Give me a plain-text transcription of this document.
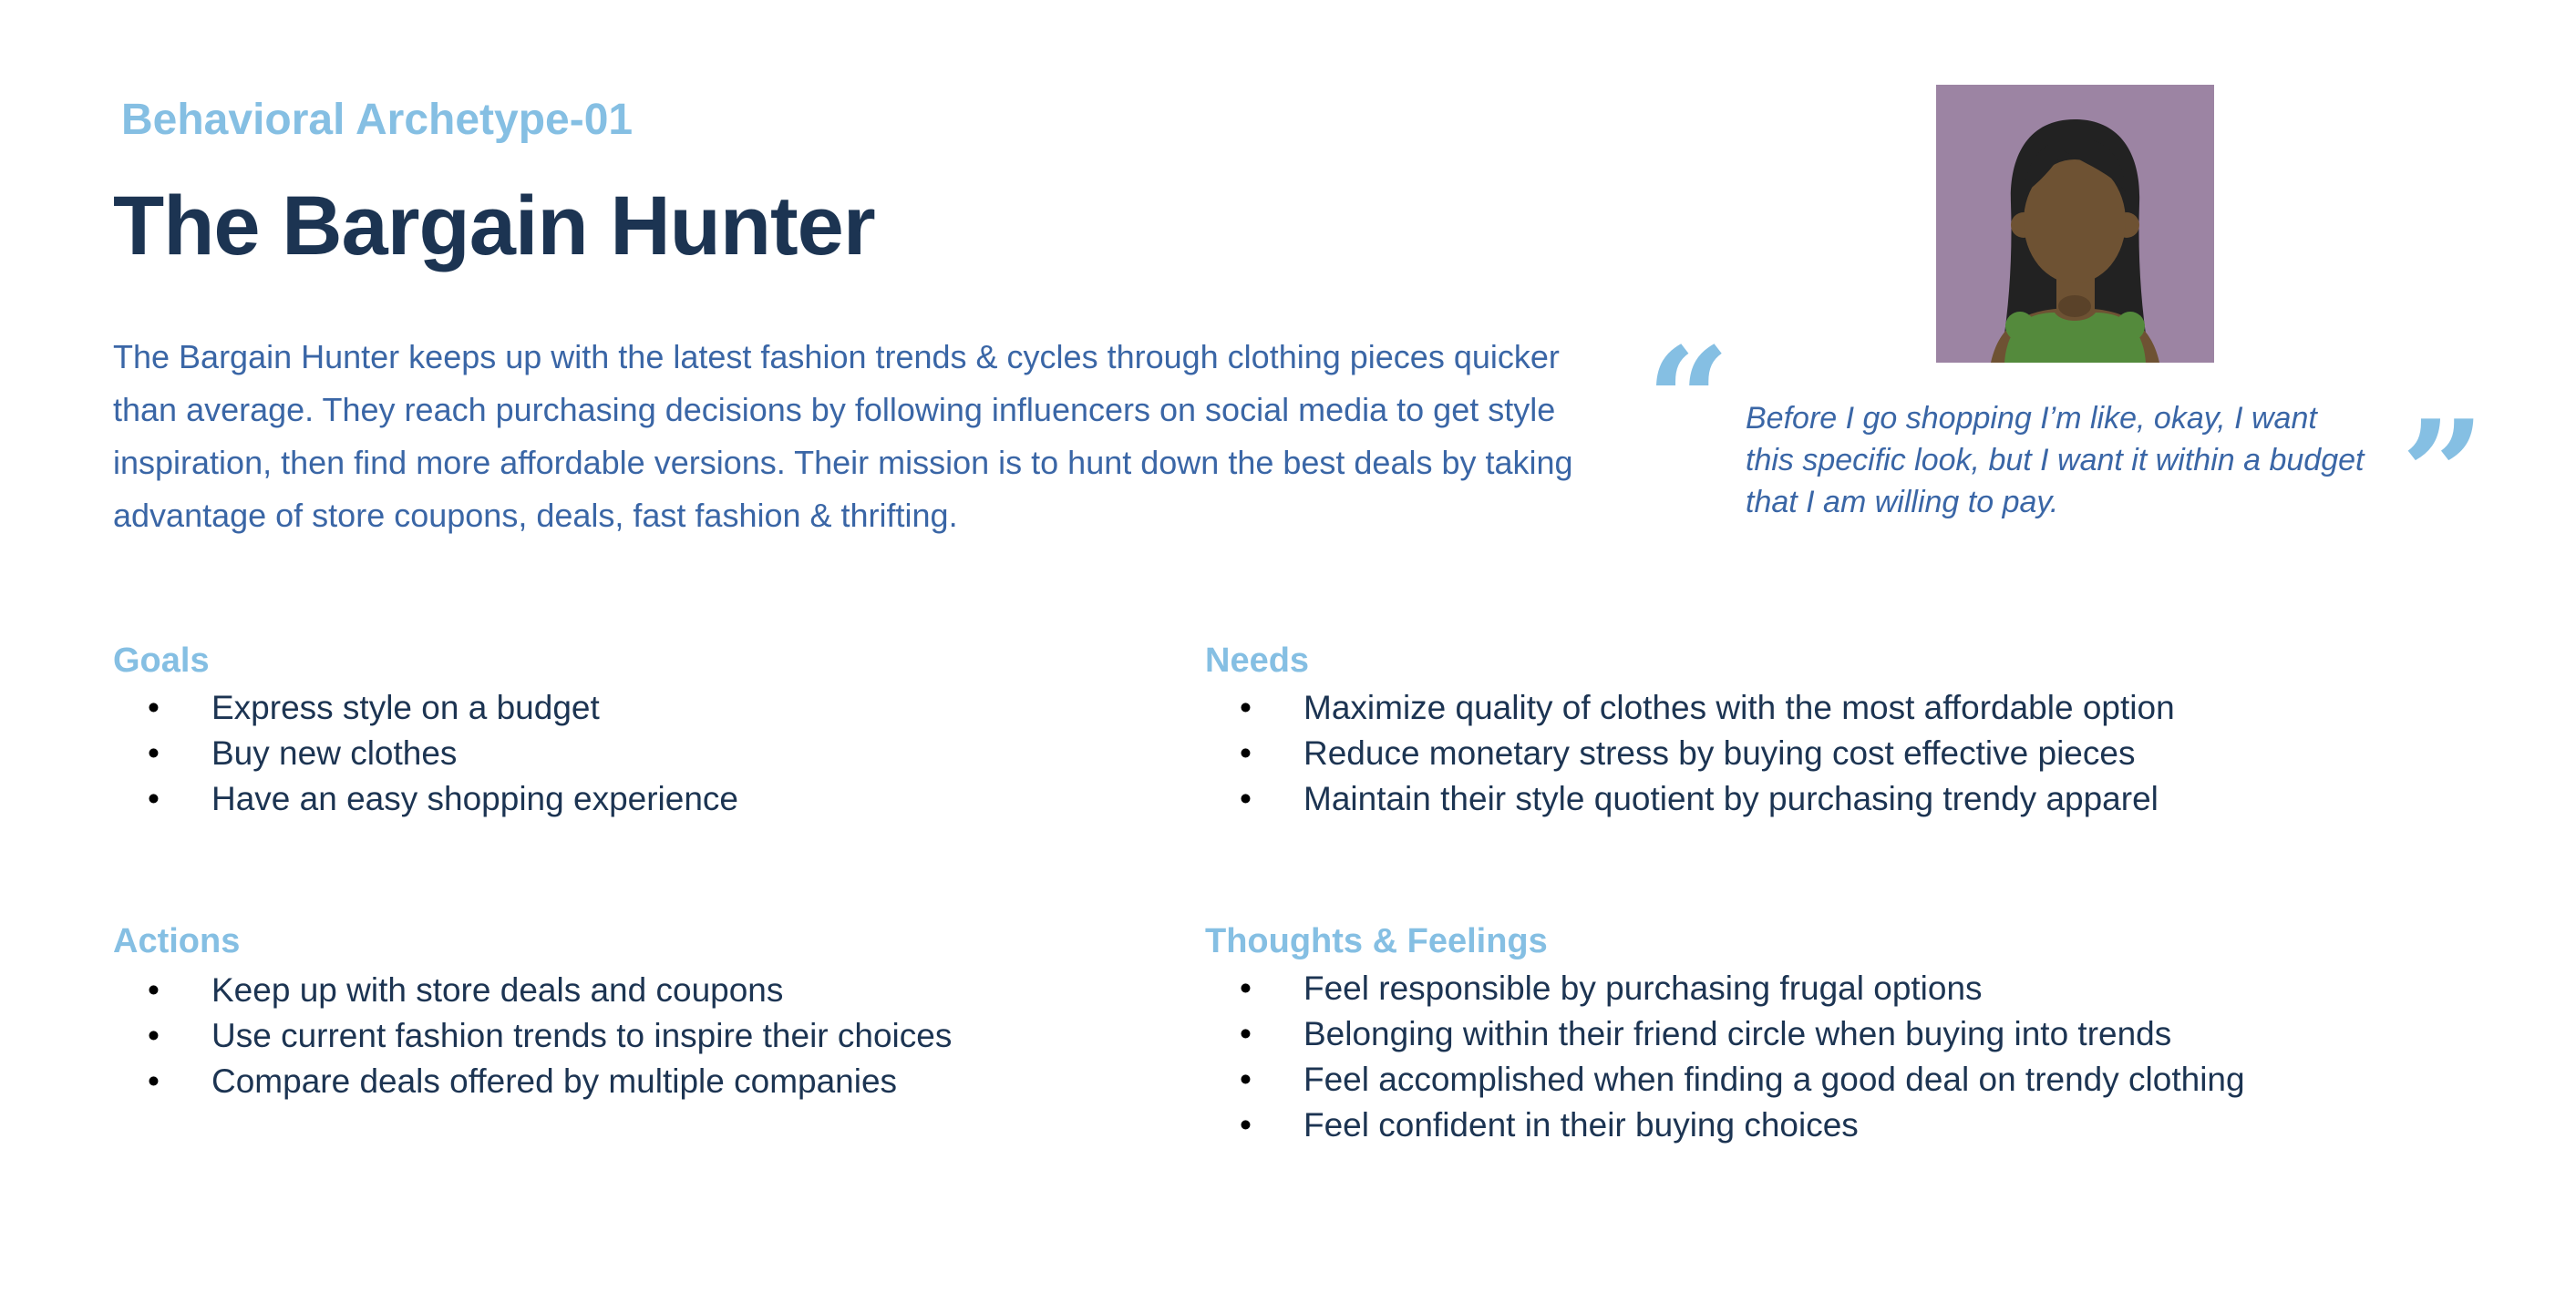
Behavioral Archetype-01
The Bargain Hunter
The Bargain Hunter keeps up with the latest fashion trends & cycles through clothing pieces quicker than average. They reach purchasing decisions by following influencers on social media to get style inspiration, then find more affordable versions. Their mission is to hunt down the best deals by taking advantage of store coupons, deals, fast fashion & thrifting.
“ Before I go shopping I’m like, okay, I want this specific look, but I want it within a budget that I am willing to pay.	”
Goals
• Express style on a budget
• Buy new clothes
• Have an easy shopping experience
Needs
• Maximize quality of clothes with the most affordable option
• Reduce monetary stress by buying cost effective pieces
• Maintain their style quotient by purchasing trendy apparel
Actions
• Keep up with store deals and coupons
• Use current fashion trends to inspire their choices
• Compare deals offered by multiple companies
Thoughts & Feelings
• Feel responsible by purchasing frugal options
• Belonging within their friend circle when buying into trends
• Feel accomplished when finding a good deal on trendy clothing
• Feel confident in their buying choices
